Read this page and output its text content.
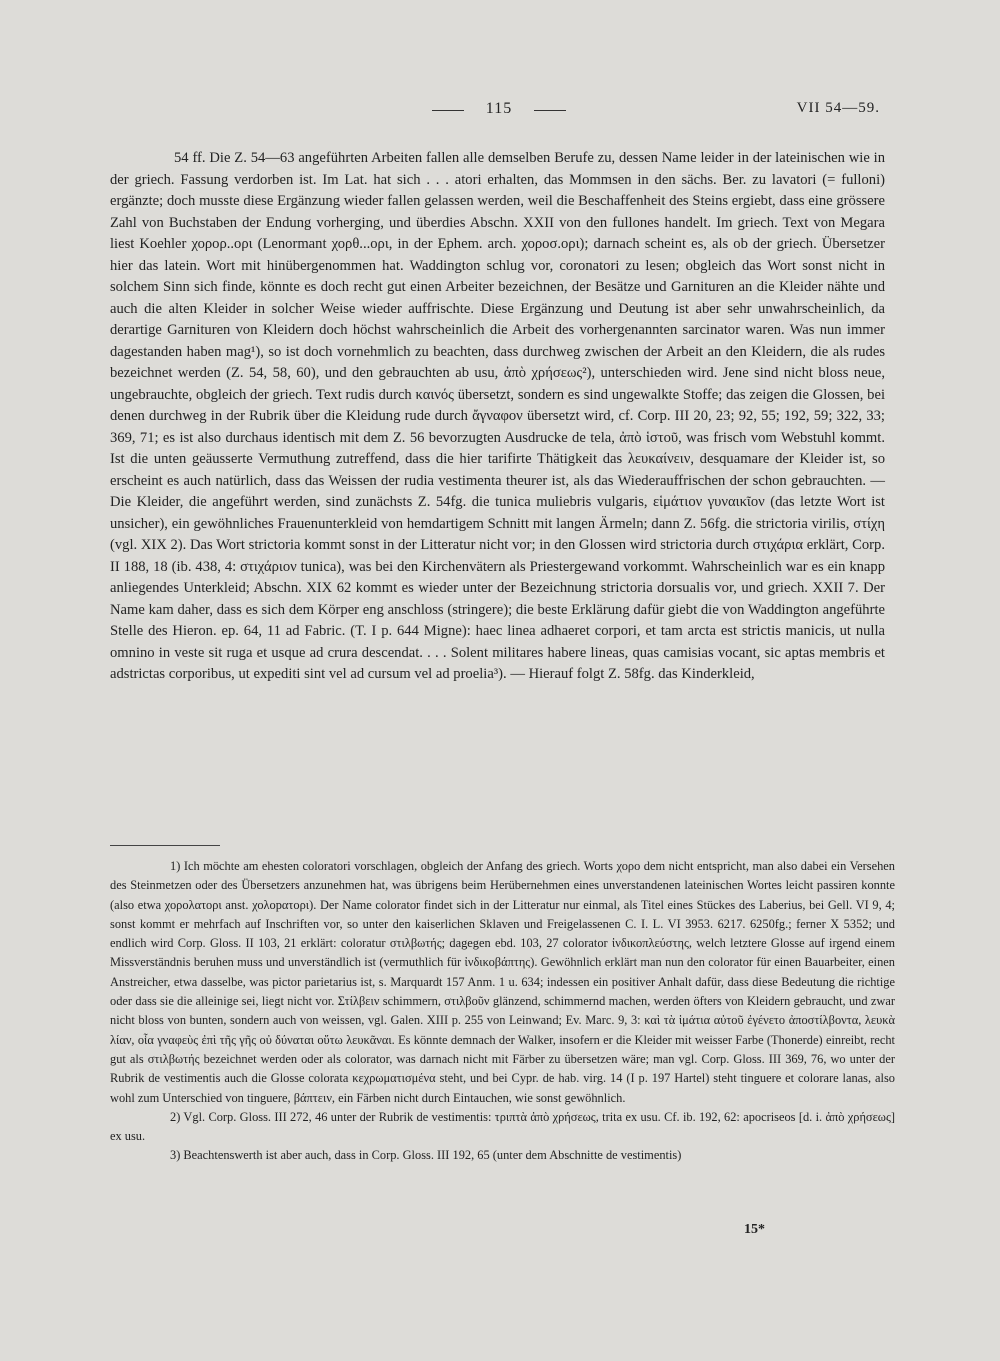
115	VII 54—59.

54 ff. Die Z. 54—63 angeführten Arbeiten fallen alle demselben Berufe zu, dessen Name leider in der lateinischen wie in der griech. Fassung verdorben ist. Im Lat. hat sich . . . atori erhalten, das Mommsen in den sächs. Ber. zu lavatori (= fulloni) ergänzte; doch musste diese Ergänzung wieder fallen gelassen werden, weil die Beschaffenheit des Steins ergiebt, dass eine grössere Zahl von Buchstaben der Endung vorherging, und überdies Abschn. XXII von den fullones handelt. Im griech. Text von Megara liest Koehler χορορ..ορι (Lenormant χορθ...ορι, in der Ephem. arch. χοροσ.ορι); darnach scheint es, als ob der griech. Übersetzer hier das latein. Wort mit hinübergenommen hat. Waddington schlug vor, coronatori zu lesen; obgleich das Wort sonst nicht in solchem Sinn sich finde, könnte es doch recht gut einen Arbeiter bezeichnen, der Besätze und Garnituren an die Kleider nähte und auch die alten Kleider in solcher Weise wieder auffrischte. Diese Ergänzung und Deutung ist aber sehr unwahrscheinlich, da derartige Garnituren von Kleidern doch höchst wahrscheinlich die Arbeit des vorhergenannten sarcinator waren. Was nun immer dagestanden haben mag¹), so ist doch vornehmlich zu beachten, dass durchweg zwischen der Arbeit an den Kleidern, die als rudes bezeichnet werden (Z. 54, 58, 60), und den gebrauchten ab usu, ἀπὸ χρήσεως²), unterschieden wird. Jene sind nicht bloss neue, ungebrauchte, obgleich der griech. Text rudis durch καινός übersetzt, sondern es sind ungewalkte Stoffe; das zeigen die Glossen, bei denen durchweg in der Rubrik über die Kleidung rude durch ἄγναφον übersetzt wird, cf. Corp. III 20, 23; 92, 55; 192, 59; 322, 33; 369, 71; es ist also durchaus identisch mit dem Z. 56 bevorzugten Ausdrucke de tela, ἀπὸ ἱστοῦ, was frisch vom Webstuhl kommt. Ist die unten geäusserte Vermuthung zutreffend, dass die hier tarifirte Thätigkeit das λευκαίνειν, desquamare der Kleider ist, so erscheint es auch natürlich, dass das Weissen der rudia vestimenta theurer ist, als das Wiederauffrischen der schon gebrauchten. — Die Kleider, die angeführt werden, sind zunächsts Z. 54fg. die tunica muliebris vulgaris, εἱμάτιον γυναικῖον (das letzte Wort ist unsicher), ein gewöhnliches Frauenunterkleid von hemdartigem Schnitt mit langen Ärmeln; dann Z. 56fg. die strictoria virilis, στίχη (vgl. XIX 2). Das Wort strictoria kommt sonst in der Litteratur nicht vor; in den Glossen wird strictoria durch στιχάρια erklärt, Corp. II 188, 18 (ib. 438, 4: στιχάριον tunica), was bei den Kirchenvätern als Priestergewand vorkommt. Wahrscheinlich war es ein knapp anliegendes Unterkleid; Abschn. XIX 62 kommt es wieder unter der Bezeichnung strictoria dorsualis vor, und griech. XXII 7. Der Name kam daher, dass es sich dem Körper eng anschloss (stringere); die beste Erklärung dafür giebt die von Waddington angeführte Stelle des Hieron. ep. 64, 11 ad Fabric. (T. I p. 644 Migne): haec linea adhaeret corpori, et tam arcta est strictis manicis, ut nulla omnino in veste sit ruga et usque ad crura descendat. . . . Solent militares habere lineas, quas camisias vocant, sic aptas membris et adstrictas corporibus, ut expediti sint vel ad cursum vel ad proelia³). — Hierauf folgt Z. 58fg. das Kinderkleid,

1) Ich möchte am ehesten coloratori vorschlagen, obgleich der Anfang des griech. Worts χορο dem nicht entspricht, man also dabei ein Versehen des Steinmetzen oder des Übersetzers anzunehmen hat, was übrigens beim Herübernehmen eines unverstandenen lateinischen Wortes leicht passiren konnte (also etwa χορολατορι anst. χολοpατορι). Der Name colorator findet sich in der Litteratur nur einmal, als Titel eines Stückes des Laberius, bei Gell. VI 9, 4; sonst kommt er mehrfach auf Inschriften vor, so unter den kaiserlichen Sklaven und Freigelassenen C. I. L. VI 3953. 6217. 6250fg.; ferner X 5352; und endlich wird Corp. Gloss. II 103, 21 erklärt: coloratur στιλβωτής; dagegen ebd. 103, 27 colorator ἰνδικοπλεύστης, welch letztere Glosse auf irgend einem Missverständnis beruhen muss und unverständlich ist (vermuthlich für ἰνδικοβάπτης). Gewöhnlich erklärt man nun den colorator für einen Bauarbeiter, einen Anstreicher, etwa dasselbe, was pictor parietarius ist, s. Marquardt 157 Anm. 1 u. 634; indessen ein positiver Anhalt dafür, dass diese Bedeutung die richtige oder dass sie die alleinige sei, liegt nicht vor. Στίλβειν schimmern, στιλβοῦν glänzend, schimmernd machen, werden öfters von Kleidern gebraucht, und zwar nicht bloss von bunten, sondern auch von weissen, vgl. Galen. XIII p. 255 von Leinwand; Ev. Marc. 9, 3: καὶ τὰ ἱμάτια αὐτοῦ ἐγένετο ἀποστίλβοντα, λευκὰ λίαν, οἷα γναφεὺς ἐπὶ τῆς γῆς οὐ δύναται οὕτω λευκᾶναι. Es könnte demnach der Walker, insofern er die Kleider mit weisser Farbe (Thonerde) einreibt, recht gut als στιλβωτής bezeichnet werden oder als colorator, was darnach nicht mit Färber zu übersetzen wäre; man vgl. Corp. Gloss. III 369, 76, wo unter der Rubrik de vestimentis auch die Glosse colorata κεχρωματισμένα steht, und bei Cypr. de hab. virg. 14 (I p. 197 Hartel) steht tinguere et colorare lanas, also wohl zum Unterschied von tinguere, βάπτειν, ein Färben nicht durch Eintauchen, wie sonst gewöhnlich.

2) Vgl. Corp. Gloss. III 272, 46 unter der Rubrik de vestimentis: τριπτὰ ἀπὸ χρήσεως, trita ex usu. Cf. ib. 192, 62: apocriseos [d. i. ἀπὸ χρήσεως] ex usu.

3) Beachtenswerth ist aber auch, dass in Corp. Gloss. III 192, 65 (unter dem Abschnitte de vestimentis)

15*
